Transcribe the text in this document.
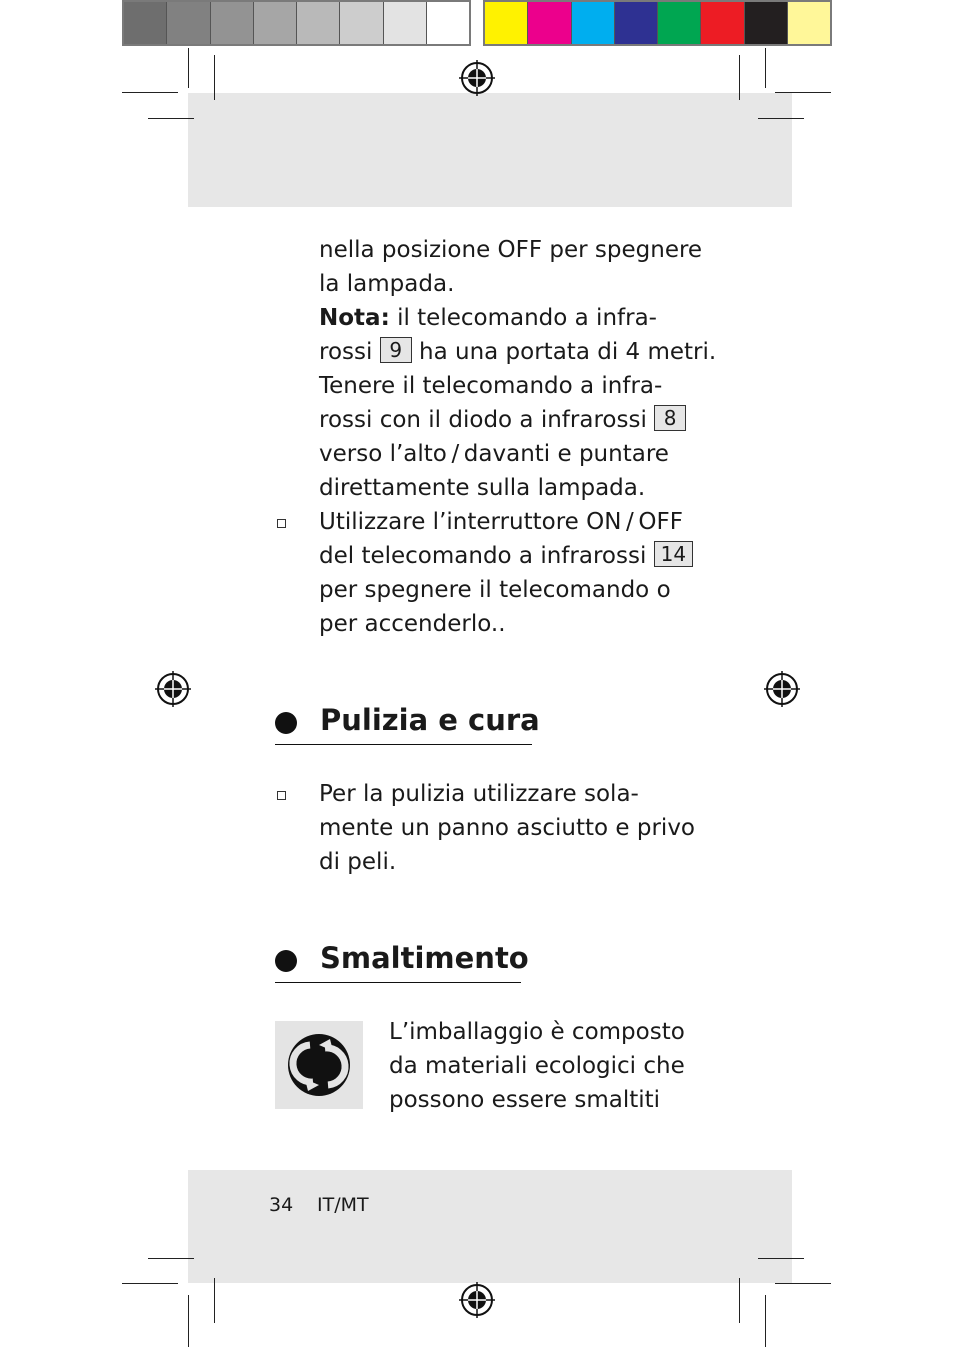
nella posizione OFF per spegnere

la lampada.

Nota: il telecomando a infra-

rossi 9 ha una portata di 4 metri.

Tenere il telecomando a infra-

rossi con il diodo a infrarossi 8

verso l’alto / davanti e puntare

direttamente sulla lampada.

Utilizzare l’interruttore ON / OFF

del telecomando a infrarossi 14

per spegnere il telecomando o

per accenderlo..

Pulizia e cura

Per la pulizia utilizzare sola-

mente un panno asciutto e privo

di peli.

Smaltimento

L’imballaggio è composto

da materiali ecologici che

possono essere smaltiti

34 IT/MT
